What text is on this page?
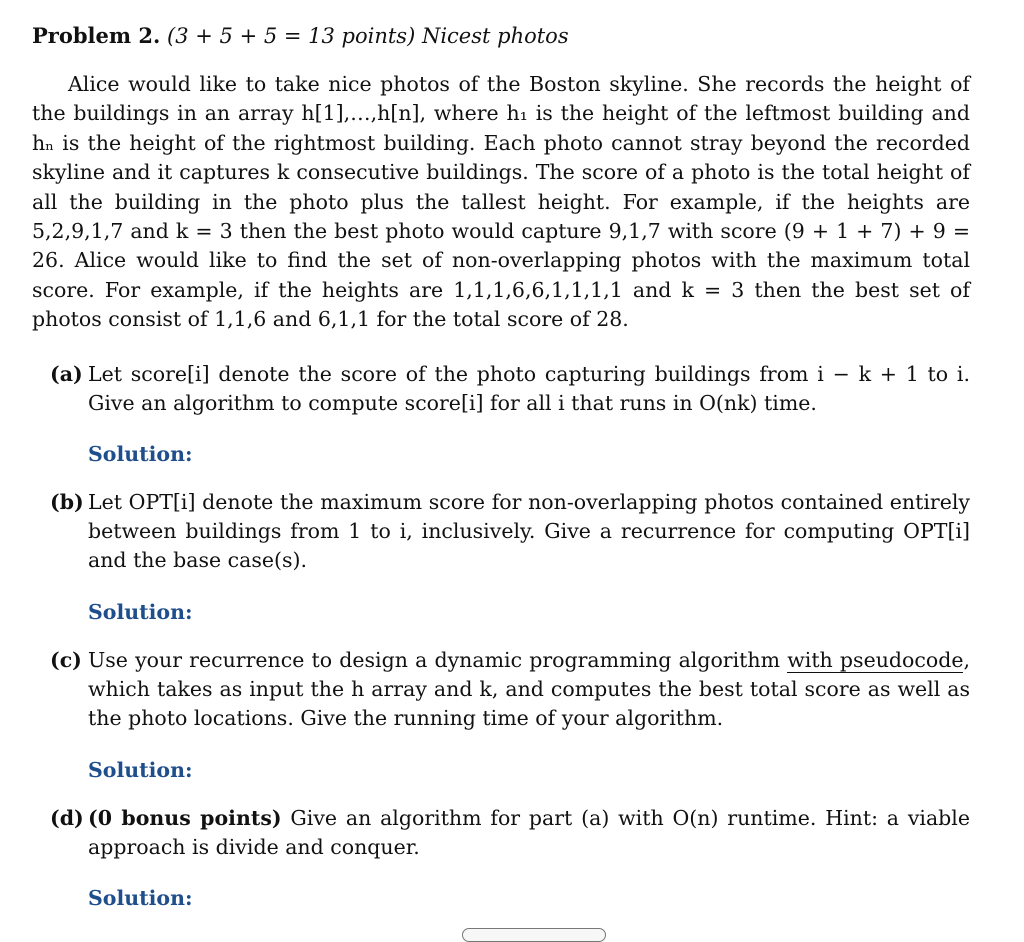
Problem 2. (3 + 5 + 5 = 13 points) Nicest photos
Alice would like to take nice photos of the Boston skyline. She records the height of the buildings in an array h[1],…,h[n], where h₁ is the height of the leftmost building and hₙ is the height of the rightmost building. Each photo cannot stray beyond the recorded skyline and it captures k consecutive buildings. The score of a photo is the total height of all the building in the photo plus the tallest height. For example, if the heights are 5,2,9,1,7 and k = 3 then the best photo would capture 9,1,7 with score (9 + 1 + 7) + 9 = 26. Alice would like to find the set of non-overlapping photos with the maximum total score. For example, if the heights are 1,1,1,6,6,1,1,1,1 and k = 3 then the best set of photos consist of 1,1,6 and 6,1,1 for the total score of 28.
(a) Let score[i] denote the score of the photo capturing buildings from i − k + 1 to i. Give an algorithm to compute score[i] for all i that runs in O(nk) time.
Solution:
(b) Let OPT[i] denote the maximum score for non-overlapping photos contained entirely between buildings from 1 to i, inclusively. Give a recurrence for computing OPT[i] and the base case(s).
Solution:
(c) Use your recurrence to design a dynamic programming algorithm with pseudocode, which takes as input the h array and k, and computes the best total score as well as the photo locations. Give the running time of your algorithm.
Solution:
(d) (0 bonus points) Give an algorithm for part (a) with O(n) runtime. Hint: a viable approach is divide and conquer.
Solution:
